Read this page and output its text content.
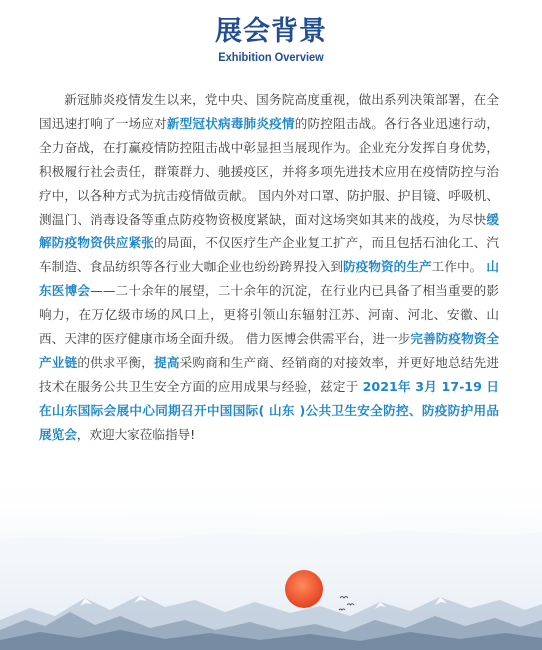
展会背景
Exhibition Overview

新冠肺炎疫情发生以来，党中央、国务院高度重视，做出系列决策部署，在全国迅速打响了一场应对新型冠状病毒肺炎疫情的防控阻击战。各行各业迅速行动，全力奋战，在打赢疫情防控阻击战中彰显担当展现作为。企业充分发挥自身优势，积极履行社会责任，群策群力、驰援疫区，并将多项先进技术应用在疫情防控与治疗中，以各种方式为抗击疫情做贡献。 国内外对口罩、防护服、护目镜、呼吸机、测温门、消毒设备等重点防疫物资极度紧缺，面对这场突如其来的战疫，为尽快缓解防疫物资供应紧张的局面，不仅医疗生产企业复工扩产，而且包括石油化工、汽车制造、食品纺织等各行业大咖企业也纷纷跨界投入到防疫物资的生产工作中。 山东医博会——二十余年的展望，二十余年的沉淀，在行业内已具备了相当重要的影响力，在万亿级市场的风口上，更将引领山东辐射江苏、河南、河北、安徽、山西、天津的医疗健康市场全面升级。 借力医博会供需平台，进一步完善防疫物资全产业链的供求平衡，提高采购商和生产商、经销商的对接效率，并更好地总结先进技术在服务公共卫生安全方面的应用成果与经验，兹定于 2021年 3月 17-19 日在山东国际会展中心同期召开中国国际( 山东 )公共卫生安全防控、防疫防护用品展览会，欢迎大家莅临指导!
